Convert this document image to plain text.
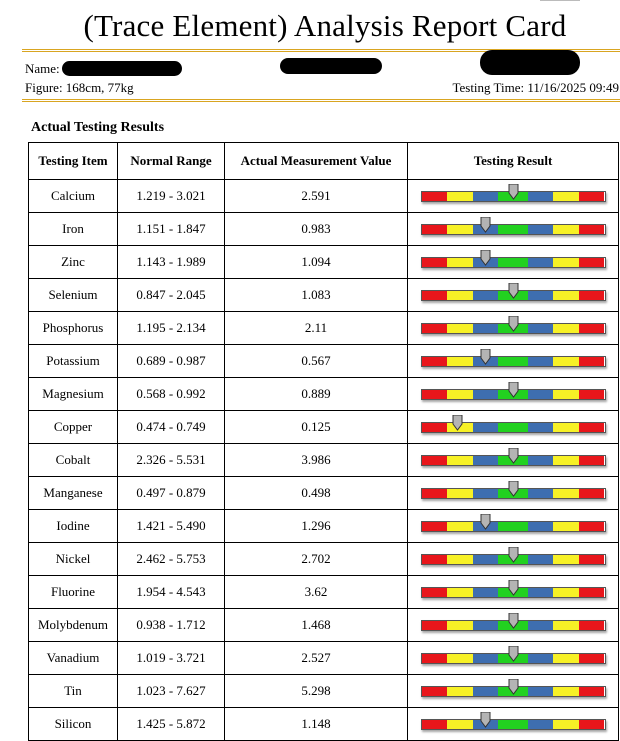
(Trace Element) Analysis Report Card
Name:
Figure: 168cm, 77kg	Testing Time: 11/16/2025 09:49
Actual Testing Results
Testing Item	Normal Range	Actual Measurement Value	Testing Result
Calcium	1.219 - 3.021	2.591	

Iron	1.151 - 1.847	0.983	

Zinc	1.143 - 1.989	1.094	

Selenium	0.847 - 2.045	1.083	

Phosphorus	1.195 - 2.134	2.11	

Potassium	0.689 - 0.987	0.567	

Magnesium	0.568 - 0.992	0.889	

Copper	0.474 - 0.749	0.125	

Cobalt	2.326 - 5.531	3.986	

Manganese	0.497 - 0.879	0.498	

Iodine	1.421 - 5.490	1.296	

Nickel	2.462 - 5.753	2.702	

Fluorine	1.954 - 4.543	3.62	

Molybdenum	0.938 - 1.712	1.468	

Vanadium	1.019 - 3.721	2.527	

Tin	1.023 - 7.627	5.298	

Silicon	1.425 - 5.872	1.148	
